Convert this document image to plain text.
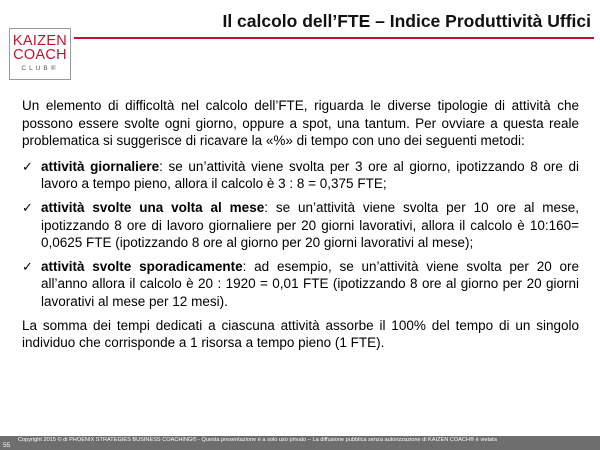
KAIZEN
COACH
CLUB®
Il calcolo dell’FTE – Indice Produttività Uffici

Un elemento di difficoltà nel calcolo dell’FTE, riguarda le diverse tipologie di attività che possono essere svolte ogni giorno, oppure a spot, una tantum. Per ovviare a questa reale problematica si suggerisce di ricavare la «%» di tempo con uno dei seguenti metodi:

✓ attività giornaliere: se un’attività viene svolta per 3 ore al giorno, ipotizzando 8 ore di lavoro a tempo pieno, allora il calcolo è 3 : 8 = 0,375 FTE;
✓ attività svolte una volta al mese: se un’attività viene svolta per 10 ore al mese, ipotizzando 8 ore di lavoro giornaliere per 20 giorni lavorativi, allora il calcolo è 10:160= 0,0625 FTE (ipotizzando 8 ore al giorno per 20 giorni lavorativi al mese);
✓ attività svolte sporadicamente: ad esempio, se un’attività viene svolta per 20 ore all’anno allora il calcolo è 20 : 1920 = 0,01 FTE (ipotizzando 8 ore al giorno per 20 giorni lavorativi al mese per 12 mesi).

La somma dei tempi dedicati a ciascuna attività assorbe il 100% del tempo di un singolo individuo che corrisponde a 1 risorsa a tempo pieno (1 FTE).

Copyright 2015 © di PHOENIX STRATEGIES BUSINESS COACHING® - Questa presentazione è a solo uso privato – La diffusione pubblica senza autorizzazione di KAIZEN COACH® è vietata
55
